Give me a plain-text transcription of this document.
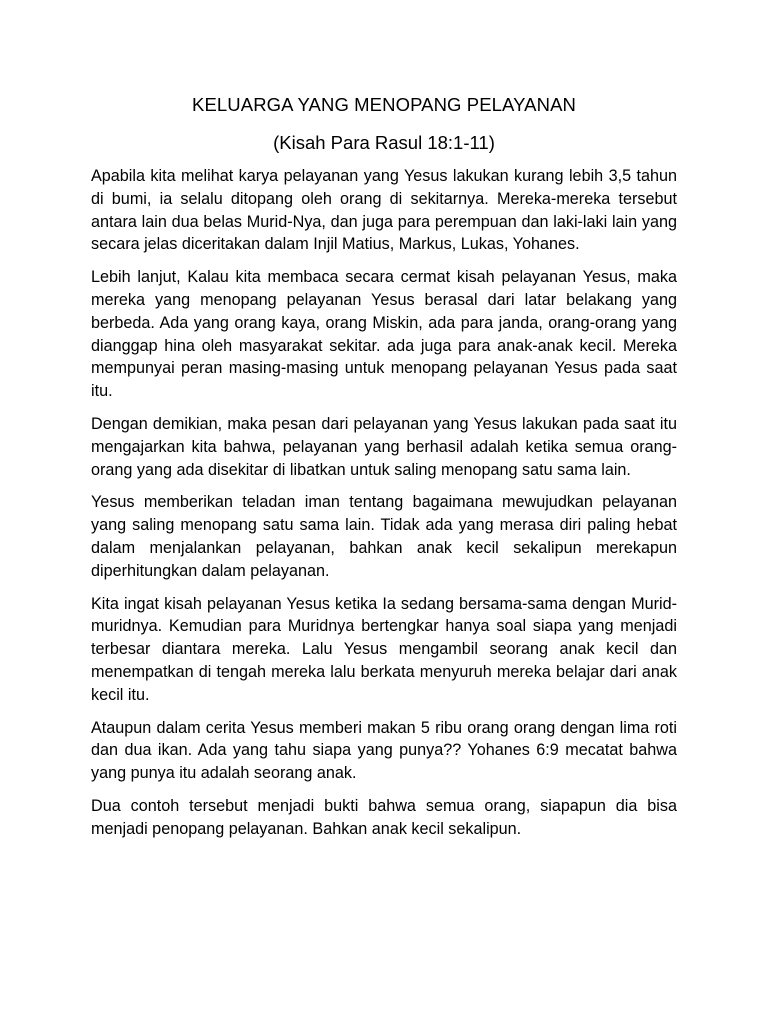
KELUARGA YANG MENOPANG PELAYANAN
(Kisah Para Rasul 18:1-11)

Apabila kita melihat karya pelayanan yang Yesus lakukan kurang lebih 3,5 tahun di bumi, ia selalu ditopang oleh orang di sekitarnya. Mereka-mereka tersebut antara lain dua belas Murid-Nya, dan juga para perempuan dan laki-laki lain yang secara jelas diceritakan dalam Injil Matius, Markus, Lukas, Yohanes.

Lebih lanjut, Kalau kita membaca secara cermat kisah pelayanan Yesus, maka mereka yang menopang pelayanan Yesus berasal dari latar belakang yang berbeda. Ada yang orang kaya, orang Miskin, ada para janda, orang-orang yang dianggap hina oleh masyarakat sekitar. ada juga para anak-anak kecil. Mereka mempunyai peran masing-masing untuk menopang pelayanan Yesus pada saat itu.

Dengan demikian, maka pesan dari pelayanan yang Yesus lakukan pada saat itu mengajarkan kita bahwa, pelayanan yang berhasil adalah ketika semua orang-orang yang ada disekitar di libatkan untuk saling menopang satu sama lain.

Yesus memberikan teladan iman tentang bagaimana mewujudkan pelayanan yang saling menopang satu sama lain. Tidak ada yang merasa diri paling hebat dalam menjalankan pelayanan, bahkan anak kecil sekalipun merekapun diperhitungkan dalam pelayanan.

Kita ingat kisah pelayanan Yesus ketika Ia sedang bersama-sama dengan Murid-muridnya. Kemudian para Muridnya bertengkar hanya soal siapa yang menjadi terbesar diantara mereka. Lalu Yesus mengambil seorang anak kecil dan menempatkan di tengah mereka lalu berkata menyuruh mereka belajar dari anak kecil itu.

Ataupun dalam cerita Yesus memberi makan 5 ribu orang orang dengan lima roti dan dua ikan. Ada yang tahu siapa yang punya?? Yohanes 6:9 mecatat bahwa yang punya itu adalah seorang anak.

Dua contoh tersebut menjadi bukti bahwa semua orang, siapapun dia bisa menjadi penopang pelayanan. Bahkan anak kecil sekalipun.
